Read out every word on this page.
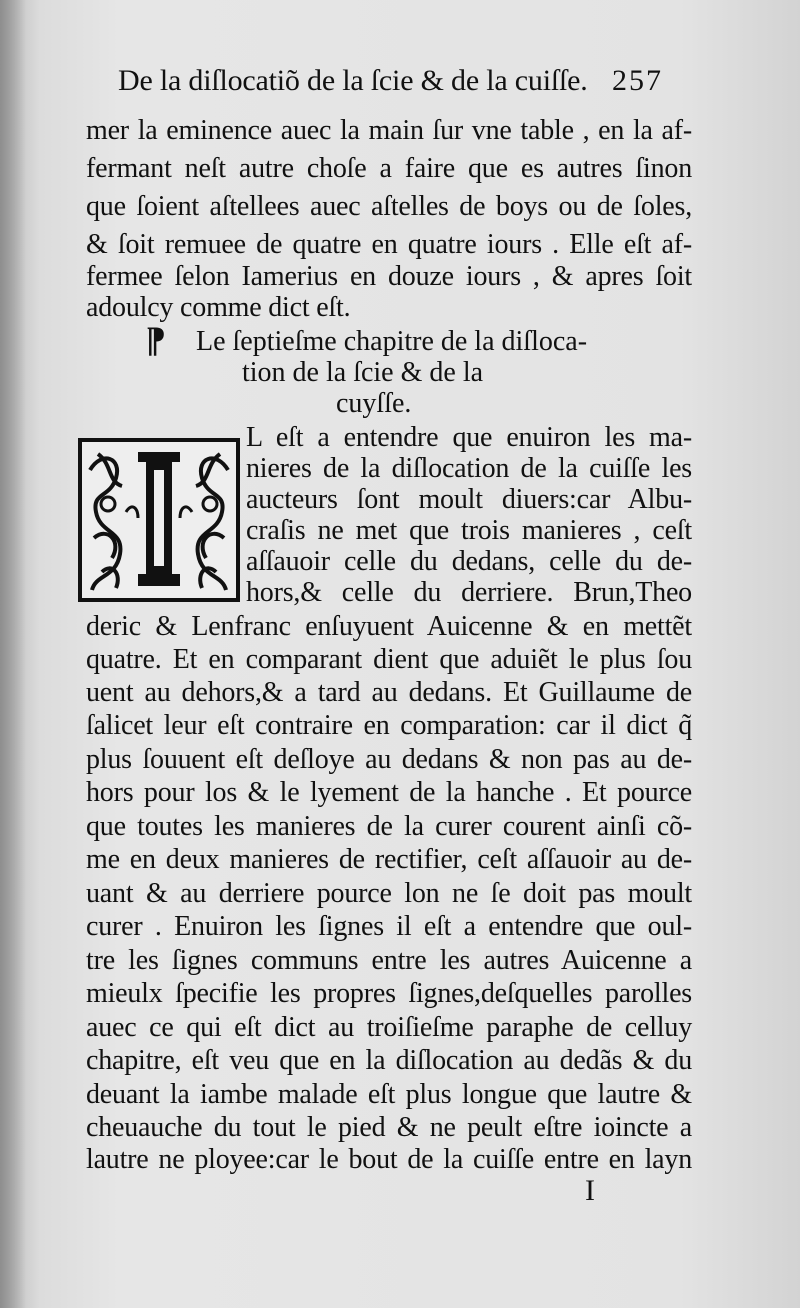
De la diſlocatiõ de la ſcie & de la cuiſſe. 257
mer la eminence auec la main ſur vne table , en la af-
fermant neſt autre choſe a faire que es autres ſinon
que ſoient aſtellees auec aſtelles de boys ou de ſoles,
& ſoit remuee de quatre en quatre iours . Elle eſt af-
fermee ſelon Iamerius en douze iours , & apres ſoit
adoulcy comme dict eſt.
¶ Le ſeptieſme chapitre de la diſloca-
tion de la ſcie & de la
cuyſſe.
L eſt a entendre que enuiron les ma-
nieres de la diſlocation de la cuiſſe les
aucteurs ſont moult diuers:car Albu-
craſis ne met que trois manieres , ceſt
aſſauoir celle du dedans, celle du de-
hors,& celle du derriere. Brun,Theo
deric & Lenfranc enſuyuent Auicenne & en mettẽt
quatre. Et en comparant dient que aduiẽt le plus ſou
uent au dehors,& a tard au dedans. Et Guillaume de
ſalicet leur eſt contraire en comparation: car il dict q̃
plus ſouuent eſt deſloye au dedans & non pas au de-
hors pour los & le lyement de la hanche . Et pource
que toutes les manieres de la curer courent ainſi cõ-
me en deux manieres de rectifier, ceſt aſſauoir au de-
uant & au derriere pource lon ne ſe doit pas moult
curer . Enuiron les ſignes il eſt a entendre que oul-
tre les ſignes communs entre les autres Auicenne a
mieulx ſpecifie les propres ſignes,deſquelles parolles
auec ce qui eſt dict au troiſieſme paraphe de celluy
chapitre, eſt veu que en la diſlocation au dedãs & du
deuant la iambe malade eſt plus longue que lautre &
cheuauche du tout le pied & ne peult eſtre ioincte a
lautre ne ployee:car le bout de la cuiſſe entre en layn
I
